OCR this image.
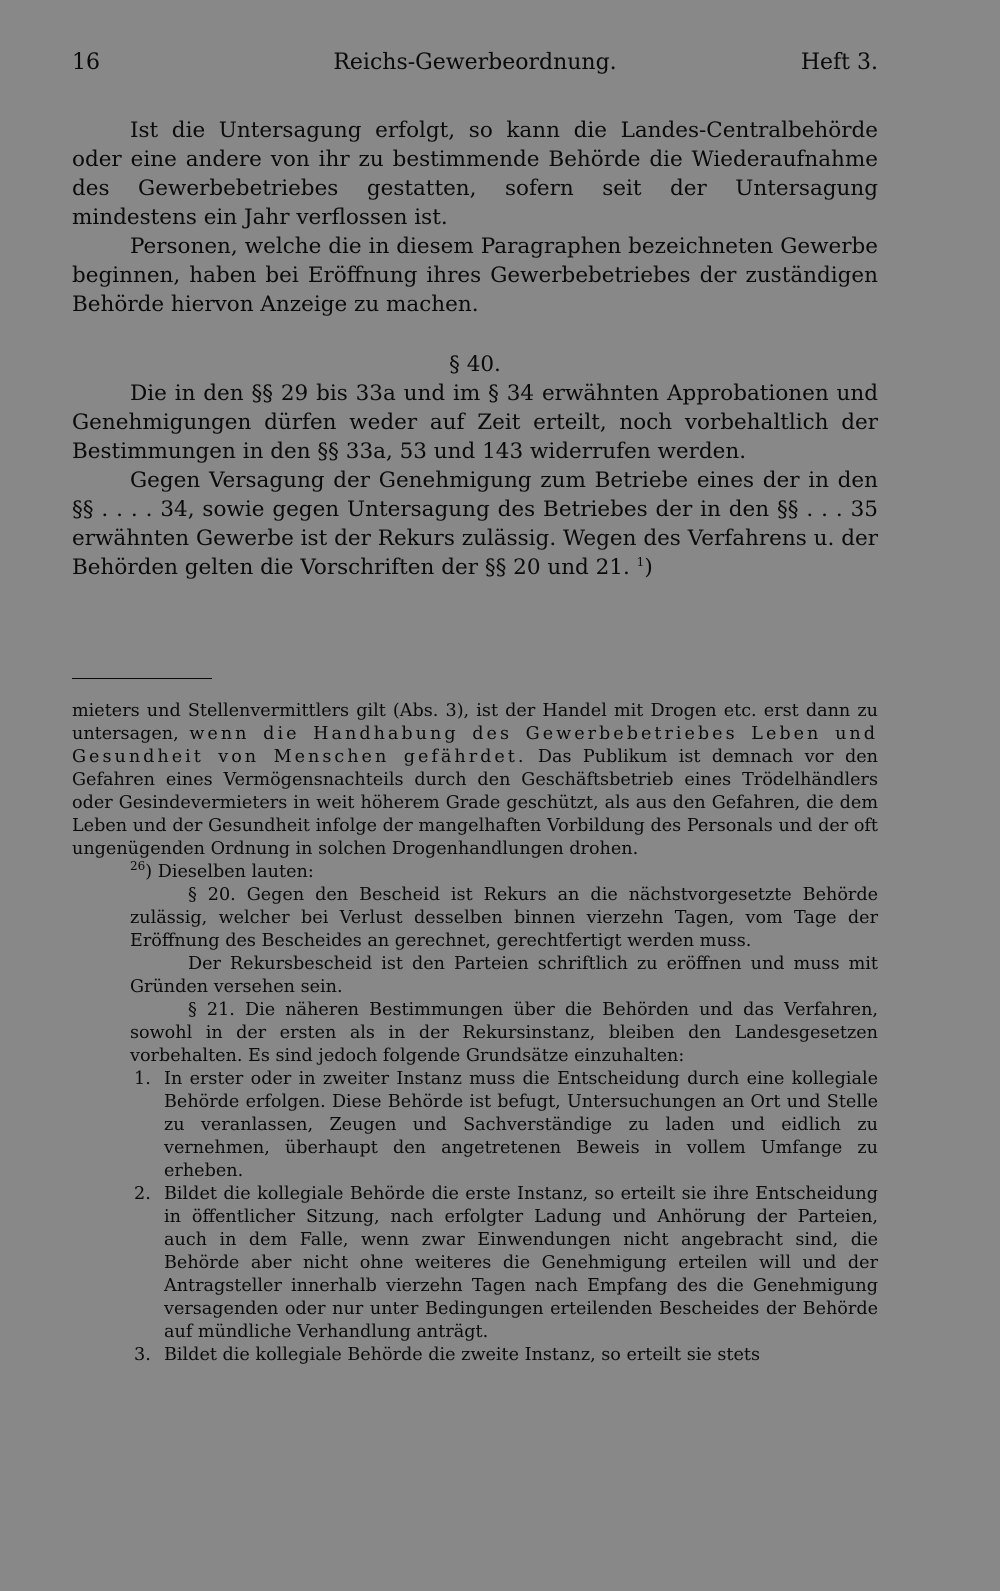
16	Reichs-Gewerbeordnung.	Heft 3.

Ist die Untersagung erfolgt, so kann die Landes-Centralbehörde oder eine andere von ihr zu bestimmende Behörde die Wiederaufnahme des Gewerbebetriebes gestatten, sofern seit der Untersagung mindestens ein Jahr verflossen ist.

Personen, welche die in diesem Paragraphen bezeichneten Gewerbe beginnen, haben bei Eröffnung ihres Gewerbebetriebes der zuständigen Behörde hiervon Anzeige zu machen.

§ 40.

Die in den §§ 29 bis 33a und im § 34 erwähnten Approbationen und Genehmigungen dürfen weder auf Zeit erteilt, noch vorbehaltlich der Bestimmungen in den §§ 33a, 53 und 143 widerrufen werden.

Gegen Versagung der Genehmigung zum Betriebe eines der in den §§ . . . . 34, sowie gegen Untersagung des Betriebes der in den §§ . . . 35 erwähnten Gewerbe ist der Rekurs zulässig. Wegen des Verfahrens u. der Behörden gelten die Vorschriften der §§ 20 und 21. $^1$)

mieters und Stellenvermittlers gilt (Abs. 3), ist der Handel mit Drogen etc. erst dann zu untersagen, wenn die Handhabung des Gewerbebetriebes Leben und Gesundheit von Menschen gefährdet. Das Publikum ist demnach vor den Gefahren eines Vermögensnachteils durch den Geschäftsbetrieb eines Trödelhändlers oder Gesindevermieters in weit höherem Grade geschützt, als aus den Gefahren, die dem Leben und der Gesundheit infolge der mangelhaften Vorbildung des Personals und der oft ungenügenden Ordnung in solchen Drogenhandlungen drohen.

$^{26}$) Dieselben lauten:

§ 20. Gegen den Bescheid ist Rekurs an die nächstvorgesetzte Behörde zulässig, welcher bei Verlust desselben binnen vierzehn Tagen, vom Tage der Eröffnung des Bescheides an gerechnet, gerechtfertigt werden muss.

Der Rekursbescheid ist den Parteien schriftlich zu eröffnen und muss mit Gründen versehen sein.

§ 21. Die näheren Bestimmungen über die Behörden und das Verfahren, sowohl in der ersten als in der Rekursinstanz, bleiben den Landesgesetzen vorbehalten. Es sind jedoch folgende Grundsätze einzuhalten:

1. In erster oder in zweiter Instanz muss die Entscheidung durch eine kollegiale Behörde erfolgen. Diese Behörde ist befugt, Untersuchungen an Ort und Stelle zu veranlassen, Zeugen und Sachverständige zu laden und eidlich zu vernehmen, überhaupt den angetretenen Beweis in vollem Umfange zu erheben.

2. Bildet die kollegiale Behörde die erste Instanz, so erteilt sie ihre Entscheidung in öffentlicher Sitzung, nach erfolgter Ladung und Anhörung der Parteien, auch in dem Falle, wenn zwar Einwendungen nicht angebracht sind, die Behörde aber nicht ohne weiteres die Genehmigung erteilen will und der Antragsteller innerhalb vierzehn Tagen nach Empfang des die Genehmigung versagenden oder nur unter Bedingungen erteilenden Bescheides der Behörde auf mündliche Verhandlung anträgt.

3. Bildet die kollegiale Behörde die zweite Instanz, so erteilt sie stets
